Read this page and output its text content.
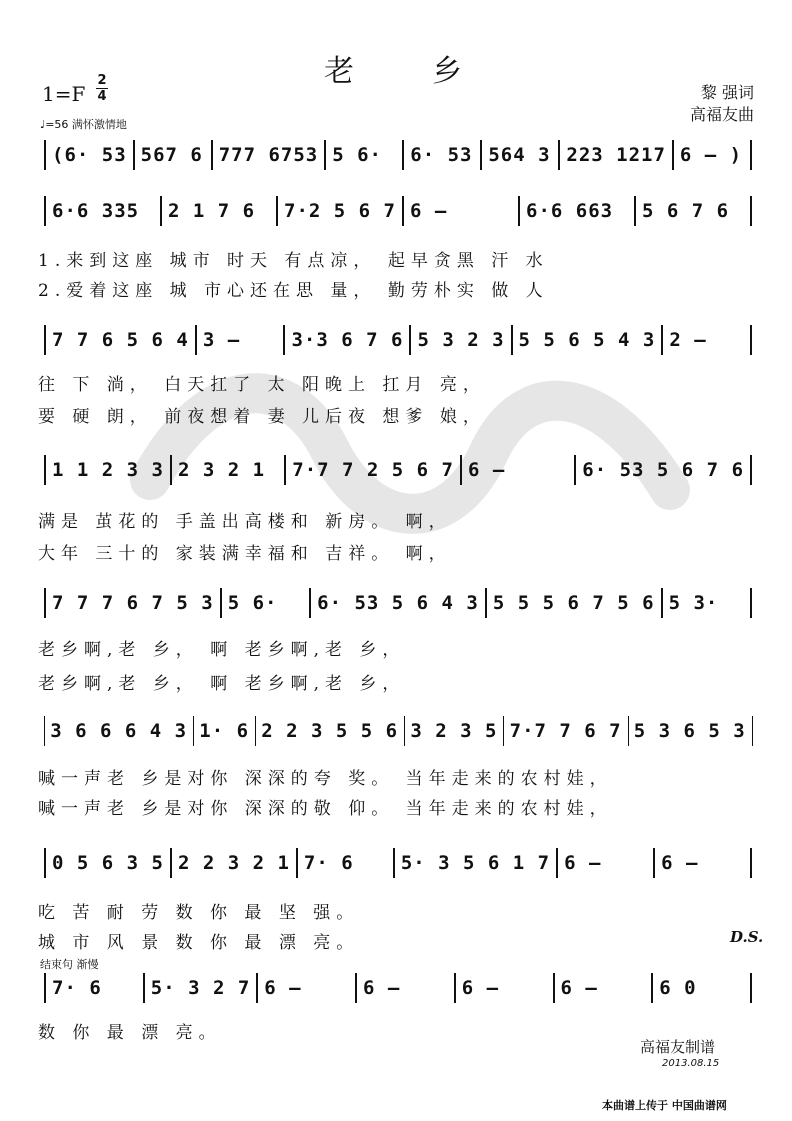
老 乡
1=F
2
4
♩=56 满怀激情地
黎 强词
高福友曲
(6· 53 567 6 777 6753 5 6·	6· 53 564 3 223 1217 6 – )
6·6 335	2 1 7 6	7·2 5 6 7 6 –	6·6 663	5 6 7 6
7 7 6 5 6 4 3 –	3·3 6 7 6 5 3 2 3 5 5 6 5 4 3 2 –
1 1 2 3 3 2 3 2 1	7·7 7 2 5 6 7 6 –	6· 53 5 6 7 6
7 7 7 6 7 5 3 5 6·	6· 53 5 6 4 3 5 5 5 6 7 5 6 5 3·
3 6 6 6 4 3 1· 6 2 2 3 5 5 6 3 2 3 5 7·7 7 6 7 5 3 6 5 3
0 5 6 3 5 2 2 3 2 1 7· 6	5· 3 5 6 1 7 6 –	6 –
7· 6	5· 3 2 7 6 –	6 –	6 –	6 –	6 0
1.来到这座 城市 时天 有点凉， 起早贪黑 汗 水
2.爱着这座 城 市心还在思 量， 勤劳朴实 做 人
往 下 淌， 白天扛了 太 阳晚上 扛月 亮，
要 硬 朗， 前夜想着 妻 儿后夜 想爹 娘，
满是 茧花的 手盖出高楼和 新房。 啊，
大年 三十的 家装满幸福和 吉祥。 啊，
老乡啊,老 乡， 啊 老乡啊,老 乡，
老乡啊,老 乡， 啊 老乡啊,老 乡，
喊一声老 乡是对你 深深的夸 奖。 当年走来的农村娃，
喊一声老 乡是对你 深深的敬 仰。 当年走来的农村娃，
吃 苦 耐 劳 数 你 最 坚 强。
城 市 风 景 数 你 最 漂 亮。
数 你 最 漂 亮。
D.S.
结束句 渐慢
高福友制谱
2013.08.15
本曲谱上传于 中国曲谱网
